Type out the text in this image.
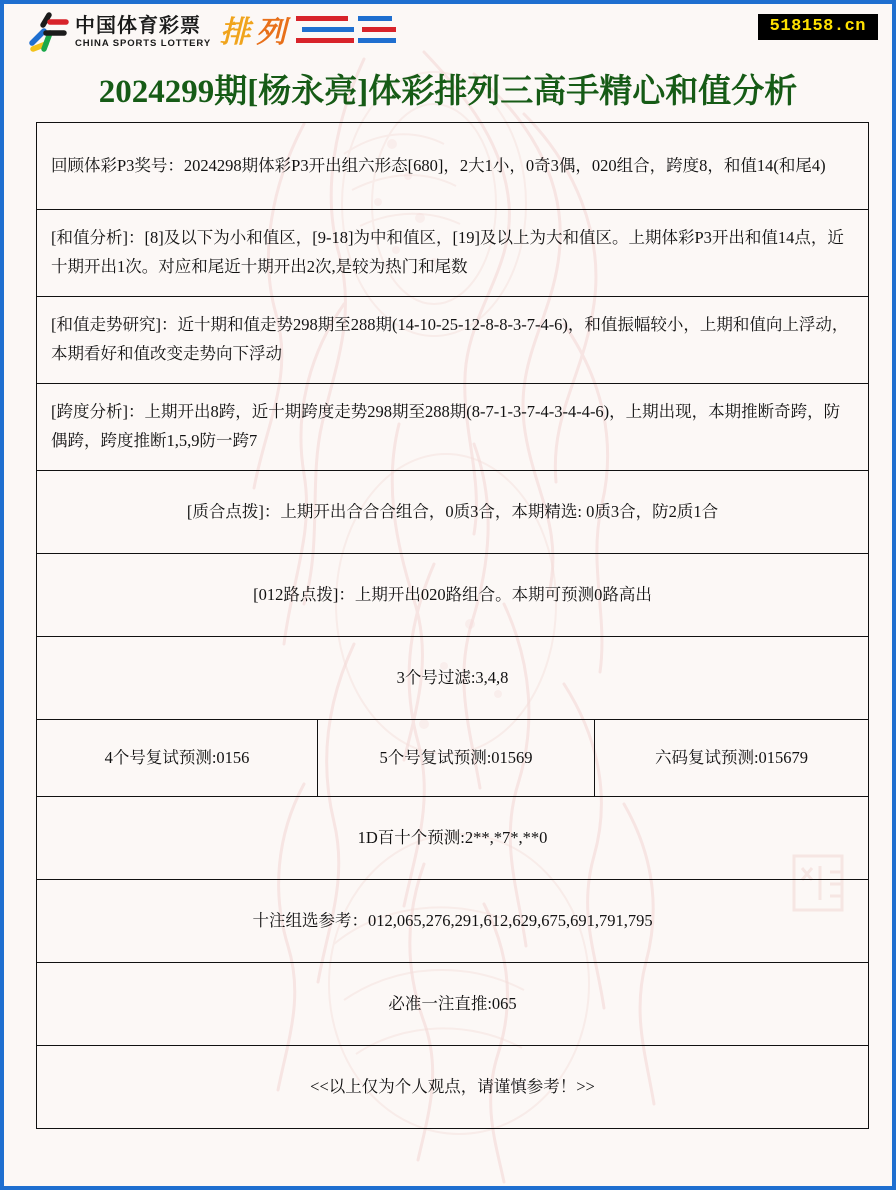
中国体育彩票
CHINA SPORTS LOTTERY 排 列	518158.cn
2024299期[杨永亮]体彩排列三高手精心和值分析
回顾体彩P3奖号：2024298期体彩P3开出组六形态[680]，2大1小，0奇3偶，020组合，跨度8，和值14(和尾4)
[和值分析]：[8]及以下为小和值区，[9-18]为中和值区，[19]及以上为大和值区。上期体彩P3开出和值14点，近十期开出1次。对应和尾近十期开出2次,是较为热门和尾数
[和值走势研究]：近十期和值走势298期至288期(14-10-25-12-8-8-3-7-4-6)，和值振幅较小，上期和值向上浮动，本期看好和值改变走势向下浮动
[跨度分析]：上期开出8跨，近十期跨度走势298期至288期(8-7-1-3-7-4-3-4-4-6)，上期出现，本期推断奇跨，防偶跨，跨度推断1,5,9防一跨7
[质合点拨]：上期开出合合合组合，0质3合，本期精选: 0质3合，防2质1合
[012路点拨]：上期开出020路组合。本期可预测0路高出
3个号过滤:3,4,8
4个号复试预测:0156	5个号复试预测:01569	六码复试预测:015679
1D百十个预测:2**,*7*,**0
十注组选参考：012,065,276,291,612,629,675,691,791,795
必准一注直推:065
<<以上仅为个人观点，请谨慎参考！>>
